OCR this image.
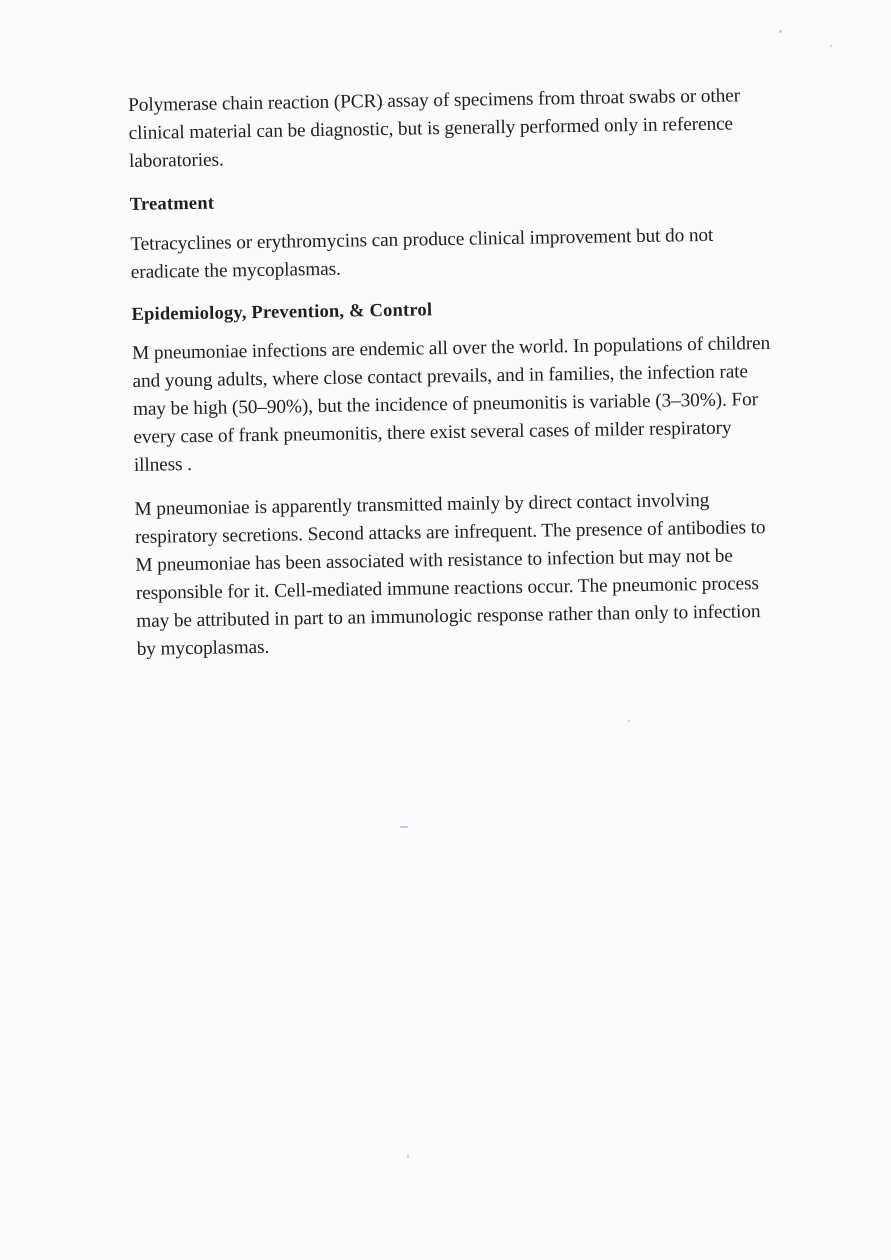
Polymerase chain reaction (PCR) assay of specimens from throat swabs or other clinical material can be diagnostic, but is generally performed only in reference laboratories.

Treatment

Tetracyclines or erythromycins can produce clinical improvement but do not eradicate the mycoplasmas.

Epidemiology, Prevention, & Control

M pneumoniae infections are endemic all over the world. In populations of children and young adults, where close contact prevails, and in families, the infection rate may be high (50–90%), but the incidence of pneumonitis is variable (3–30%). For every case of frank pneumonitis, there exist several cases of milder respiratory illness .

M pneumoniae is apparently transmitted mainly by direct contact involving respiratory secretions. Second attacks are infrequent. The presence of antibodies to M pneumoniae has been associated with resistance to infection but may not be responsible for it. Cell-mediated immune reactions occur. The pneumonic process may be attributed in part to an immunologic response rather than only to infection by mycoplasmas.
